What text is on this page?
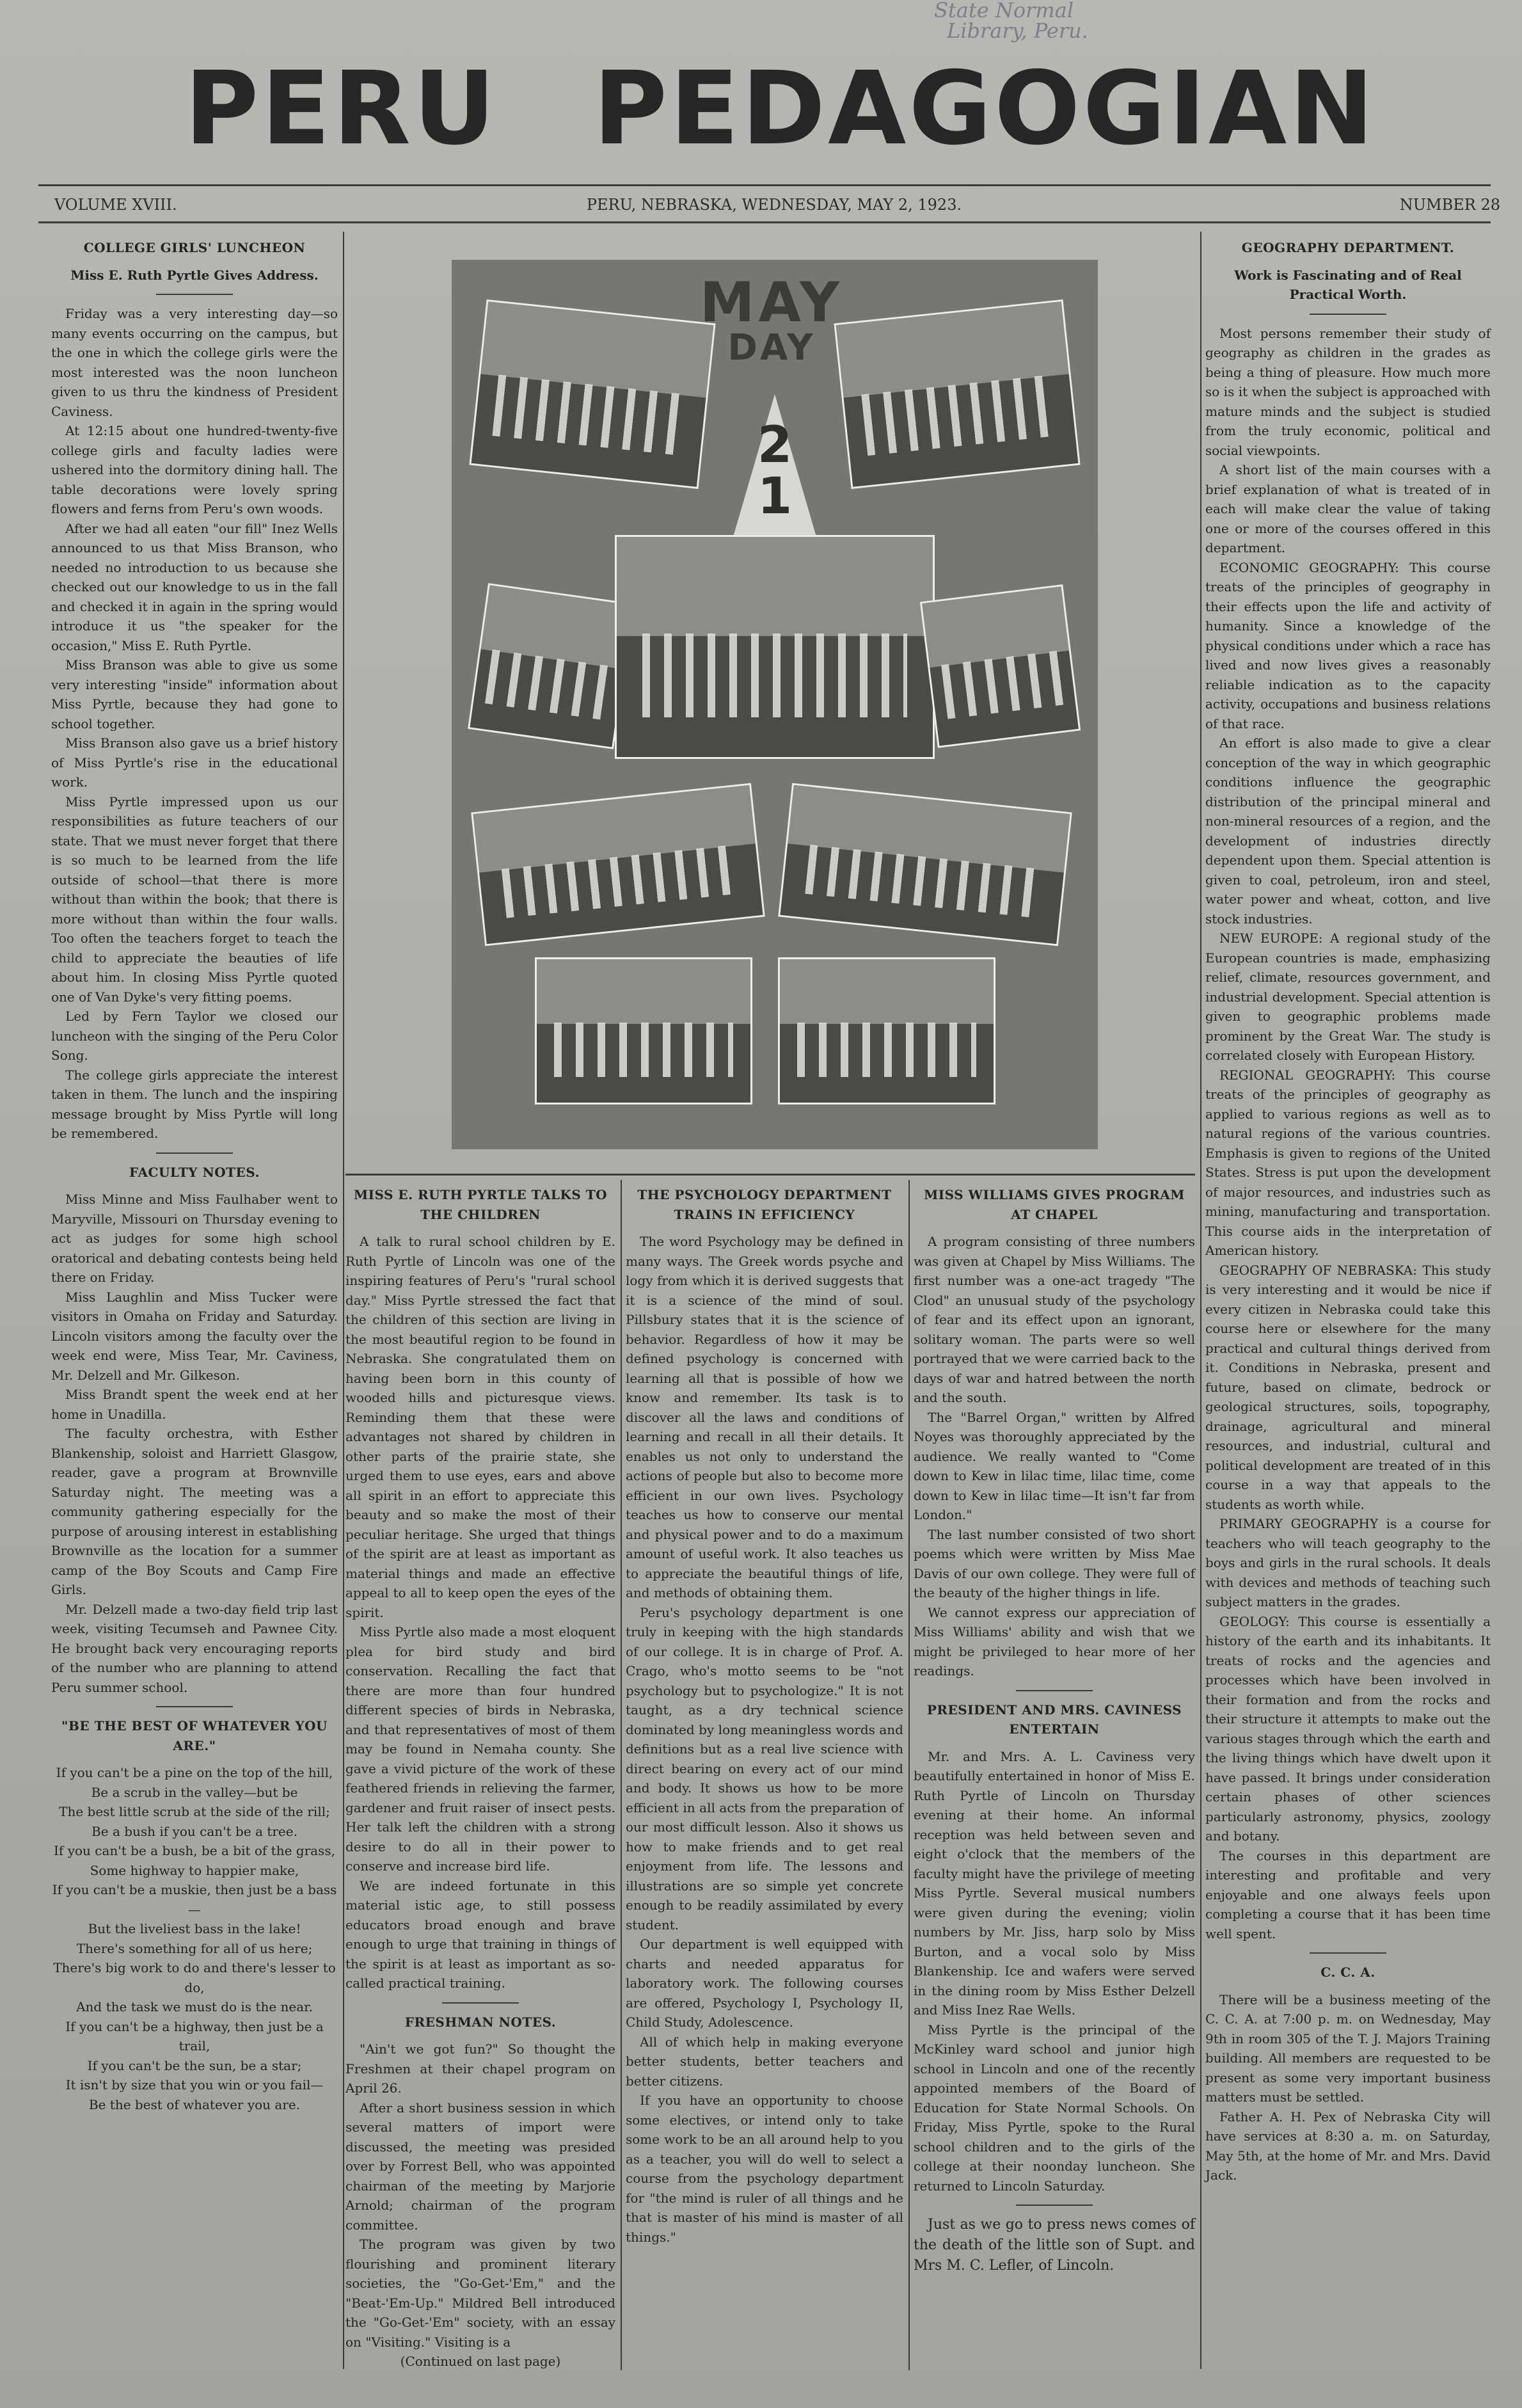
State Normal
Library, Peru.
PERU PEDAGOGIAN
VOLUME XVIII.	PERU, NEBRASKA, WEDNESDAY, MAY 2, 1923.	NUMBER 28
COLLEGE GIRLS' LUNCHEON
Miss E. Ruth Pyrtle Gives Address.

Friday was a very interesting day—so many events occurring on the campus, but the one in which the college girls were the most interested was the noon luncheon given to us thru the kindness of President Caviness.

At 12:15 about one hundred-twenty-five college girls and faculty ladies were ushered into the dormitory dining hall. The table decorations were lovely spring flowers and ferns from Peru's own woods.

After we had all eaten "our fill" Inez Wells announced to us that Miss Branson, who needed no introduction to us because she checked out our knowledge to us in the fall and checked it in again in the spring would introduce it us "the speaker for the occasion," Miss E. Ruth Pyrtle.

Miss Branson was able to give us some very interesting "inside" information about Miss Pyrtle, because they had gone to school together.

Miss Branson also gave us a brief history of Miss Pyrtle's rise in the educational work.

Miss Pyrtle impressed upon us our responsibilities as future teachers of our state. That we must never forget that there is so much to be learned from the life outside of school—that there is more without than within the book; that there is more without than within the four walls. Too often the teachers forget to teach the child to appreciate the beauties of life about him. In closing Miss Pyrtle quoted one of Van Dyke's very fitting poems.

Led by Fern Taylor we closed our luncheon with the singing of the Peru Color Song.

The college girls appreciate the interest taken in them. The lunch and the inspiring message brought by Miss Pyrtle will long be remembered.

FACULTY NOTES.

Miss Minne and Miss Faulhaber went to Maryville, Missouri on Thursday evening to act as judges for some high school oratorical and debating contests being held there on Friday.

Miss Laughlin and Miss Tucker were visitors in Omaha on Friday and Saturday. Lincoln visitors among the faculty over the week end were, Miss Tear, Mr. Caviness, Mr. Delzell and Mr. Gilkeson.

Miss Brandt spent the week end at her home in Unadilla.

The faculty orchestra, with Esther Blankenship, soloist and Harriett Glasgow, reader, gave a program at Brownville Saturday night. The meeting was a community gathering especially for the purpose of arousing interest in establishing Brownville as the location for a summer camp of the Boy Scouts and Camp Fire Girls.

Mr. Delzell made a two-day field trip last week, visiting Tecumseh and Pawnee City. He brought back very encouraging reports of the number who are planning to attend Peru summer school.

"BE THE BEST OF WHATEVER YOU ARE."

If you can't be a pine on the top of the hill,

Be a scrub in the valley—but be

The best little scrub at the side of the rill;

Be a bush if you can't be a tree.

If you can't be a bush, be a bit of the grass,

Some highway to happier make,

If you can't be a muskie, then just be a bass—

But the liveliest bass in the lake!

There's something for all of us here;

There's big work to do and there's lesser to do,

And the task we must do is the near.

If you can't be a highway, then just be a trail,

If you can't be the sun, be a star;

It isn't by size that you win or you fail—

Be the best of whatever you are.

MAY
DAY
2
1
MISS E. RUTH PYRTLE TALKS TO THE CHILDREN

A talk to rural school children by E. Ruth Pyrtle of Lincoln was one of the inspiring features of Peru's "rural school day." Miss Pyrtle stressed the fact that the children of this section are living in the most beautiful region to be found in Nebraska. She congratulated them on having been born in this county of wooded hills and picturesque views. Reminding them that these were advantages not shared by children in other parts of the prairie state, she urged them to use eyes, ears and above all spirit in an effort to appreciate this beauty and so make the most of their peculiar heritage. She urged that things of the spirit are at least as important as material things and made an effective appeal to all to keep open the eyes of the spirit.

Miss Pyrtle also made a most eloquent plea for bird study and bird conservation. Recalling the fact that there are more than four hundred different species of birds in Nebraska, and that representatives of most of them may be found in Nemaha county. She gave a vivid picture of the work of these feathered friends in relieving the farmer, gardener and fruit raiser of insect pests. Her talk left the children with a strong desire to do all in their power to conserve and increase bird life.

We are indeed fortunate in this material istic age, to still possess educators broad enough and brave enough to urge that training in things of the spirit is at least as important as so-called practical training.

FRESHMAN NOTES.

"Ain't we got fun?" So thought the Freshmen at their chapel program on April 26.

After a short business session in which several matters of import were discussed, the meeting was presided over by Forrest Bell, who was appointed chairman of the meeting by Marjorie Arnold; chairman of the program committee.

The program was given by two flourishing and prominent literary societies, the "Go-Get-'Em," and the "Beat-'Em-Up." Mildred Bell introduced the "Go-Get-'Em" society, with an essay on "Visiting." Visiting is a

(Continued on last page)
THE PSYCHOLOGY DEPARTMENT TRAINS IN EFFICIENCY

The word Psychology may be defined in many ways. The Greek words psyche and logy from which it is derived suggests that it is a science of the mind of soul. Pillsbury states that it is the science of behavior. Regardless of how it may be defined psychology is concerned with learning all that is possible of how we know and remember. Its task is to discover all the laws and conditions of learning and recall in all their details. It enables us not only to understand the actions of people but also to become more efficient in our own lives. Psychology teaches us how to conserve our mental and physical power and to do a maximum amount of useful work. It also teaches us to appreciate the beautiful things of life, and methods of obtaining them.

Peru's psychology department is one truly in keeping with the high standards of our college. It is in charge of Prof. A. Crago, who's motto seems to be "not psychology but to psychologize." It is not taught, as a dry technical science dominated by long meaningless words and definitions but as a real live science with direct bearing on every act of our mind and body. It shows us how to be more efficient in all acts from the preparation of our most difficult lesson. Also it shows us how to make friends and to get real enjoyment from life. The lessons and illustrations are so simple yet concrete enough to be readily assimilated by every student.

Our department is well equipped with charts and needed apparatus for laboratory work. The following courses are offered, Psychology I, Psychology II, Child Study, Adolescence.

All of which help in making everyone better students, better teachers and better citizens.

If you have an opportunity to choose some electives, or intend only to take some work to be an all around help to you as a teacher, you will do well to select a course from the psychology department for "the mind is ruler of all things and he that is master of his mind is master of all things."

MISS WILLIAMS GIVES PROGRAM AT CHAPEL

A program consisting of three numbers was given at Chapel by Miss Williams. The first number was a one-act tragedy "The Clod" an unusual study of the psychology of fear and its effect upon an ignorant, solitary woman. The parts were so well portrayed that we were carried back to the days of war and hatred between the north and the south.

The "Barrel Organ," written by Alfred Noyes was thoroughly appreciated by the audience. We really wanted to "Come down to Kew in lilac time, lilac time, come down to Kew in lilac time—It isn't far from London."

The last number consisted of two short poems which were written by Miss Mae Davis of our own college. They were full of the beauty of the higher things in life.

We cannot express our appreciation of Miss Williams' ability and wish that we might be privileged to hear more of her readings.

PRESIDENT AND MRS. CAVINESS ENTERTAIN

Mr. and Mrs. A. L. Caviness very beautifully entertained in honor of Miss E. Ruth Pyrtle of Lincoln on Thursday evening at their home. An informal reception was held between seven and eight o'clock that the members of the faculty might have the privilege of meeting Miss Pyrtle. Several musical numbers were given during the evening; violin numbers by Mr. Jiss, harp solo by Miss Burton, and a vocal solo by Miss Blankenship. Ice and wafers were served in the dining room by Miss Esther Delzell and Miss Inez Rae Wells.

Miss Pyrtle is the principal of the McKinley ward school and junior high school in Lincoln and one of the recently appointed members of the Board of Education for State Normal Schools. On Friday, Miss Pyrtle, spoke to the Rural school children and to the girls of the college at their noonday luncheon. She returned to Lincoln Saturday.

Just as we go to press news comes of the death of the little son of Supt. and Mrs M. C. Lefler, of Lincoln.

GEOGRAPHY DEPARTMENT.
Work is Fascinating and of Real Practical Worth.

Most persons remember their study of geography as children in the grades as being a thing of pleasure. How much more so is it when the subject is approached with mature minds and the subject is studied from the truly economic, political and social viewpoints.

A short list of the main courses with a brief explanation of what is treated of in each will make clear the value of taking one or more of the courses offered in this department.

ECONOMIC GEOGRAPHY: This course treats of the principles of geography in their effects upon the life and activity of humanity. Since a knowledge of the physical conditions under which a race has lived and now lives gives a reasonably reliable indication as to the capacity activity, occupations and business relations of that race.

An effort is also made to give a clear conception of the way in which geographic conditions influence the geographic distribution of the principal mineral and non-mineral resources of a region, and the development of industries directly dependent upon them. Special attention is given to coal, petroleum, iron and steel, water power and wheat, cotton, and live stock industries.

NEW EUROPE: A regional study of the European countries is made, emphasizing relief, climate, resources government, and industrial development. Special attention is given to geographic problems made prominent by the Great War. The study is correlated closely with European History.

REGIONAL GEOGRAPHY: This course treats of the principles of geography as applied to various regions as well as to natural regions of the various countries. Emphasis is given to regions of the United States. Stress is put upon the development of major resources, and industries such as mining, manufacturing and transportation. This course aids in the interpretation of American history.

GEOGRAPHY OF NEBRASKA: This study is very interesting and it would be nice if every citizen in Nebraska could take this course here or elsewhere for the many practical and cultural things derived from it. Conditions in Nebraska, present and future, based on climate, bedrock or geological structures, soils, topography, drainage, agricultural and mineral resources, and industrial, cultural and political development are treated of in this course in a way that appeals to the students as worth while.

PRIMARY GEOGRAPHY is a course for teachers who will teach geography to the boys and girls in the rural schools. It deals with devices and methods of teaching such subject matters in the grades.

GEOLOGY: This course is essentially a history of the earth and its inhabitants. It treats of rocks and the agencies and processes which have been involved in their formation and from the rocks and their structure it attempts to make out the various stages through which the earth and the living things which have dwelt upon it have passed. It brings under consideration certain phases of other sciences particularly astronomy, physics, zoology and botany.

The courses in this department are interesting and profitable and very enjoyable and one always feels upon completing a course that it has been time well spent.

C. C. A.

There will be a business meeting of the C. C. A. at 7:00 p. m. on Wednesday, May 9th in room 305 of the T. J. Majors Training building. All members are requested to be present as some very important business matters must be settled.

Father A. H. Pex of Nebraska City will have services at 8:30 a. m. on Saturday, May 5th, at the home of Mr. and Mrs. David Jack.
